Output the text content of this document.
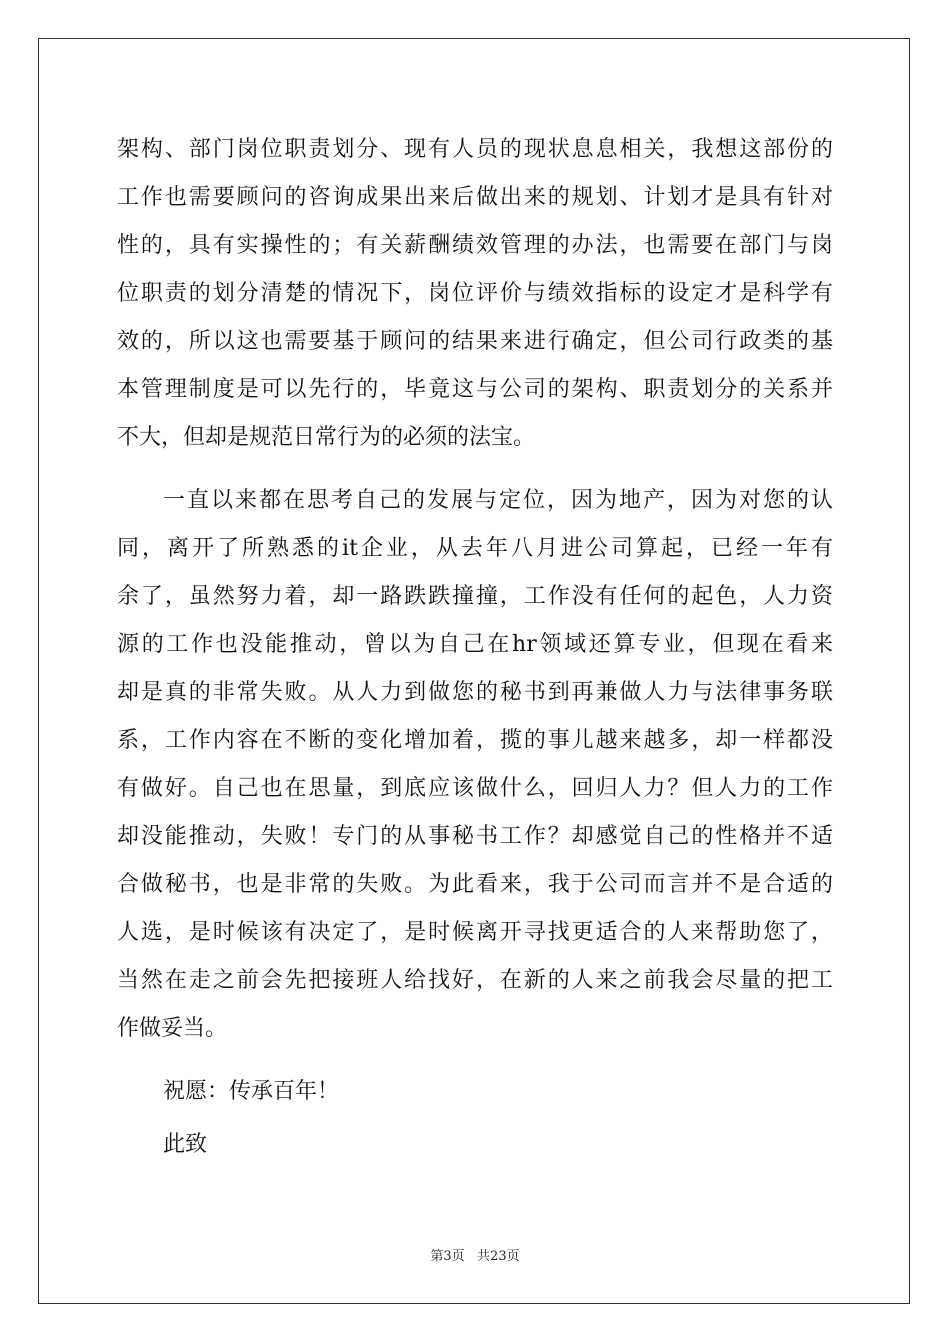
架构、部门岗位职责划分、现有人员的现状息息相关，我想这部份的
工作也需要顾问的咨询成果出来后做出来的规划、计划才是具有针对
性的，具有实操性的；有关薪酬绩效管理的办法，也需要在部门与岗
位职责的划分清楚的情况下，岗位评价与绩效指标的设定才是科学有
效的，所以这也需要基于顾问的结果来进行确定，但公司行政类的基
本管理制度是可以先行的，毕竟这与公司的架构、职责划分的关系并
不大，但却是规范日常行为的必须的法宝。
一直以来都在思考自己的发展与定位，因为地产，因为对您的认
同，离开了所熟悉的it企业，从去年八月进公司算起，已经一年有
余了，虽然努力着，却一路跌跌撞撞，工作没有任何的起色，人力资
源的工作也没能推动，曾以为自己在hr领域还算专业，但现在看来
却是真的非常失败。从人力到做您的秘书到再兼做人力与法律事务联
系，工作内容在不断的变化增加着，揽的事儿越来越多，却一样都没
有做好。自己也在思量，到底应该做什么，回归人力？但人力的工作
却没能推动，失败！专门的从事秘书工作？却感觉自己的性格并不适
合做秘书，也是非常的失败。为此看来，我于公司而言并不是合适的
人选，是时候该有决定了，是时候离开寻找更适合的人来帮助您了，
当然在走之前会先把接班人给找好，在新的人来之前我会尽量的把工
作做妥当。
祝愿：传承百年！
此致
第3页   共23页
